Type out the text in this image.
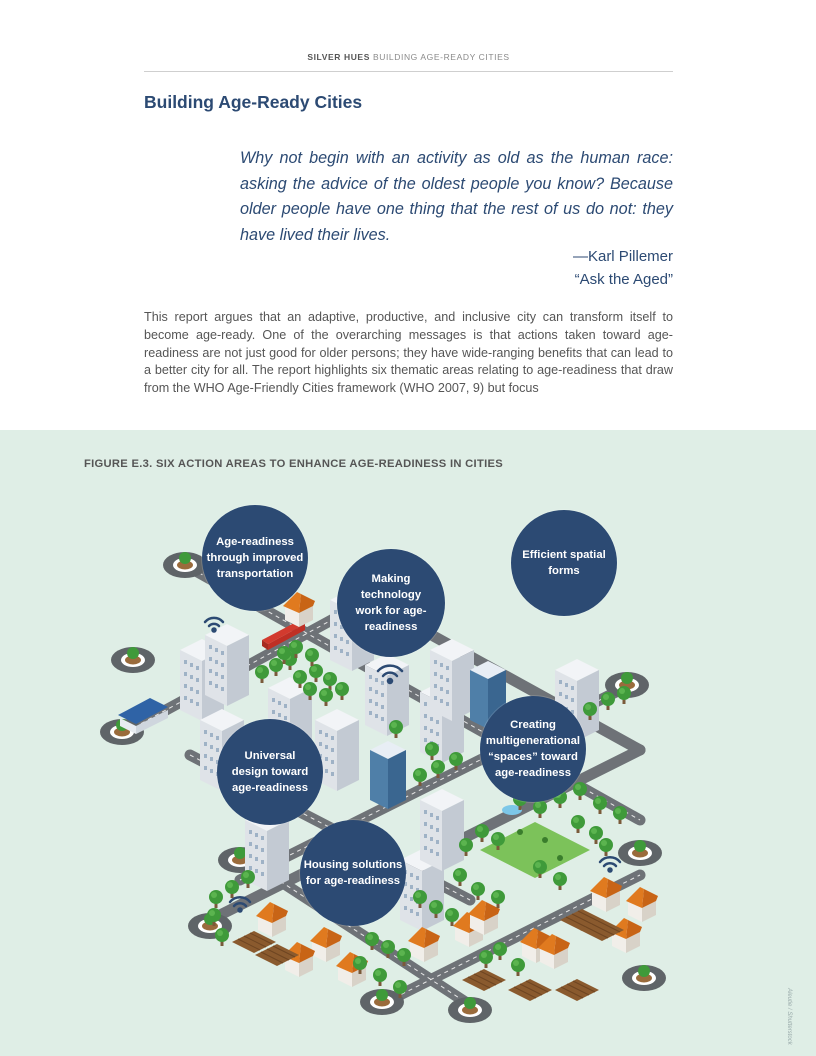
SILVER HUES BUILDING AGE-READY CITIES
Building Age-Ready Cities

Why not begin with an activity as old as the human race: asking the advice of the oldest people you know? Because older people have one thing that the rest of us do not: they have lived their lives.

—Karl Pillemer
“Ask the Aged”

This report argues that an adaptive, productive, and inclusive city can transform itself to become age-ready. One of the overarching messages is that actions taken toward age-readiness are not just good for older persons; they have wide-ranging benefits that can lead to a better city for all. The report highlights six thematic areas relating to age-readiness that draw from the WHO Age-Friendly Cities framework (WHO 2007, 9) but focus

FIGURE E.3. SIX ACTION AREAS TO ENHANCE AGE-READINESS IN CITIES
Age-readiness
through improved
transportation	Making
technology
work for age-
readiness
Efficient spatial
forms
Universal
design toward
age-readiness
Creating
multigenerational
“spaces” toward
age-readiness
Housing solutions
for age-readiness
Aleutie / Shutterstock
